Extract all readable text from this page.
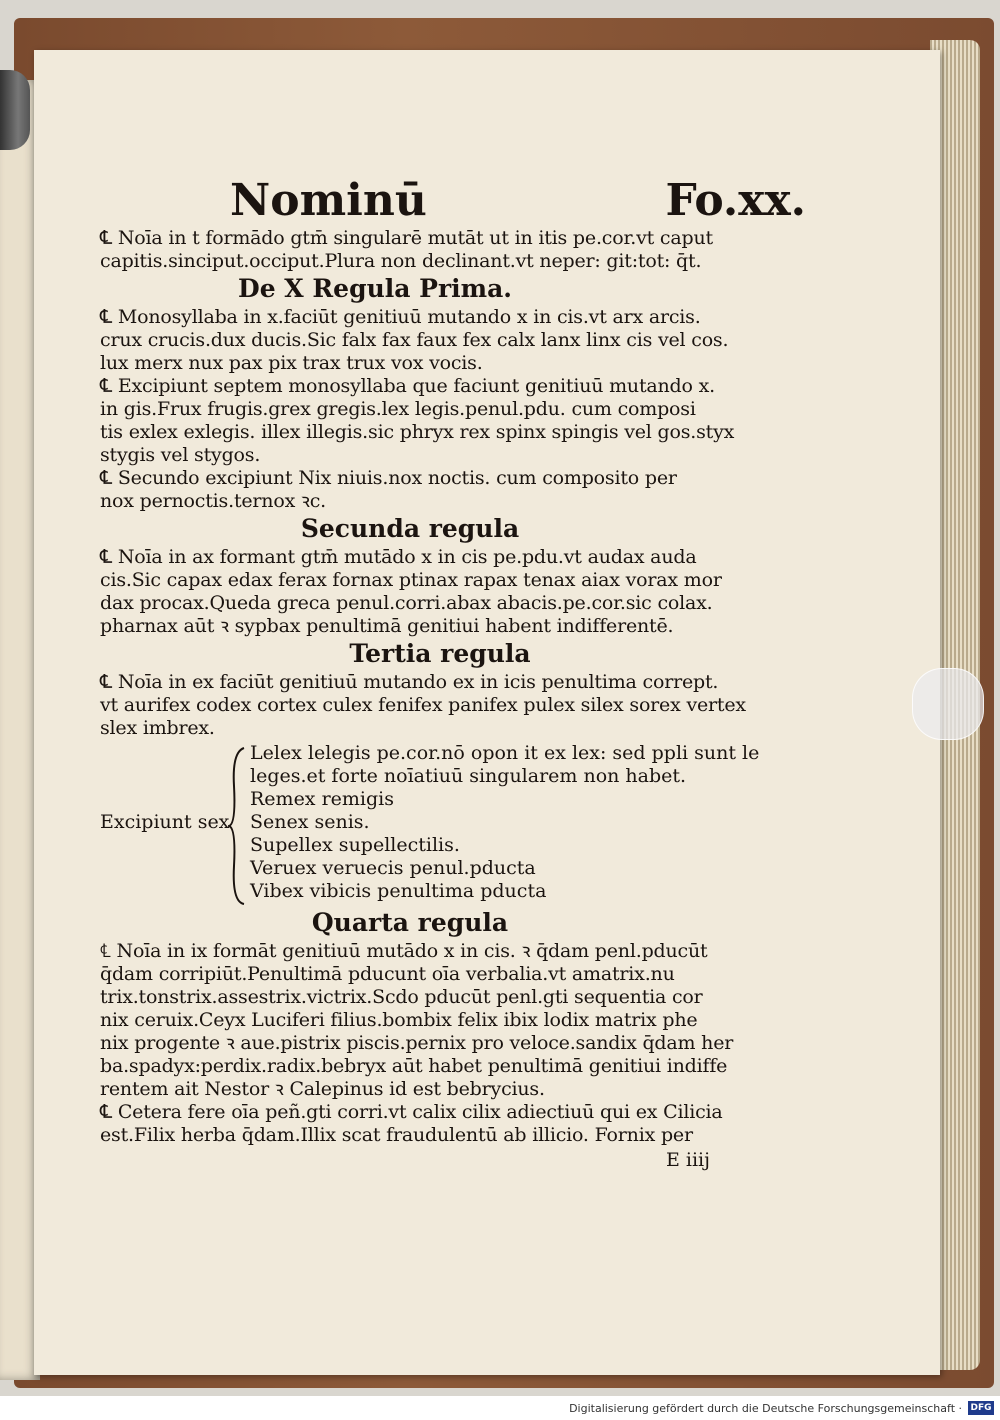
Nominū	Fo.xx.
℄ Noīa in t formādo gtm̄ singularē mutāt ut in itis pe.cor.vt caput
capitis.sinciput.occiput.Plura non declinant.vt neper: git:tot: q̄t.
De X Regula Prima.
℄ Monosyllaba in x.faciūt genitiuū mutando x in cis.vt arx arcis.
crux crucis.dux ducis.Sic falx fax faux fex calx lanx linx cis vel cos.
lux merx nux pax pix trax trux vox vocis.
℄ Excipiunt septem monosyllaba que faciunt genitiuū mutando x.
in gis.Frux frugis.grex gregis.lex legis.penul.pdu. cum composi
tis exlex exlegis. illex illegis.sic phryx rex spinx spingis vel gos.styx
stygis vel stygos.
℄ Secundo excipiunt Nix niuis.nox noctis. cum composito per
nox pernoctis.ternox ꝛc.
Secunda regula
℄ Noīa in ax formant gtm̄ mutādo x in cis pe.pdu.vt audax auda
cis.Sic capax edax ferax fornax ptinax rapax tenax aiax vorax mor
dax procax.Queda greca penul.corri.abax abacis.pe.cor.sic colax.
pharnax aūt ꝛ sypbax penultimā genitiui habent indifferentē.
Tertia regula
℄ Noīa in ex faciūt genitiuū mutando ex in icis penultima corrept.
vt aurifex codex cortex culex fenifex panifex pulex silex sorex vertex
slex imbrex.
Excipiunt sex
Lelex lelegis pe.cor.nō opon it ex lex: sed ppli sunt le
leges.et forte noīatiuū singularem non habet.
Remex remigis
Senex senis.
Supellex supellectilis.
Veruex veruecis penul.pducta
Vibex vibicis penultima pducta
Quarta regula
℄ Noīa in ix formāt genitiuū mutādo x in cis. ꝛ q̄dam penl.pducūt
q̄dam corripiūt.Penultimā pducunt oīa verbalia.vt amatrix.nu
trix.tonstrix.assestrix.victrix.Scdo pducūt penl.gti sequentia cor
nix ceruix.Ceyx Luciferi filius.bombix felix ibix lodix matrix phe
nix progente ꝛ aue.pistrix piscis.pernix pro veloce.sandix q̄dam her
ba.spadyx:perdix.radix.bebryx aūt habet penultimā genitiui indiffe
rentem ait Nestor ꝛ Calepinus id est bebrycius.
℄ Cetera fere oīa peñ.gti corri.vt calix cilix adiectiuū qui ex Cilicia
est.Filix herba q̄dam.Illix scat fraudulentū ab illicio. Fornix per
E iiij
Digitalisierung gefördert durch die Deutsche Forschungsgemeinschaft · DFG
